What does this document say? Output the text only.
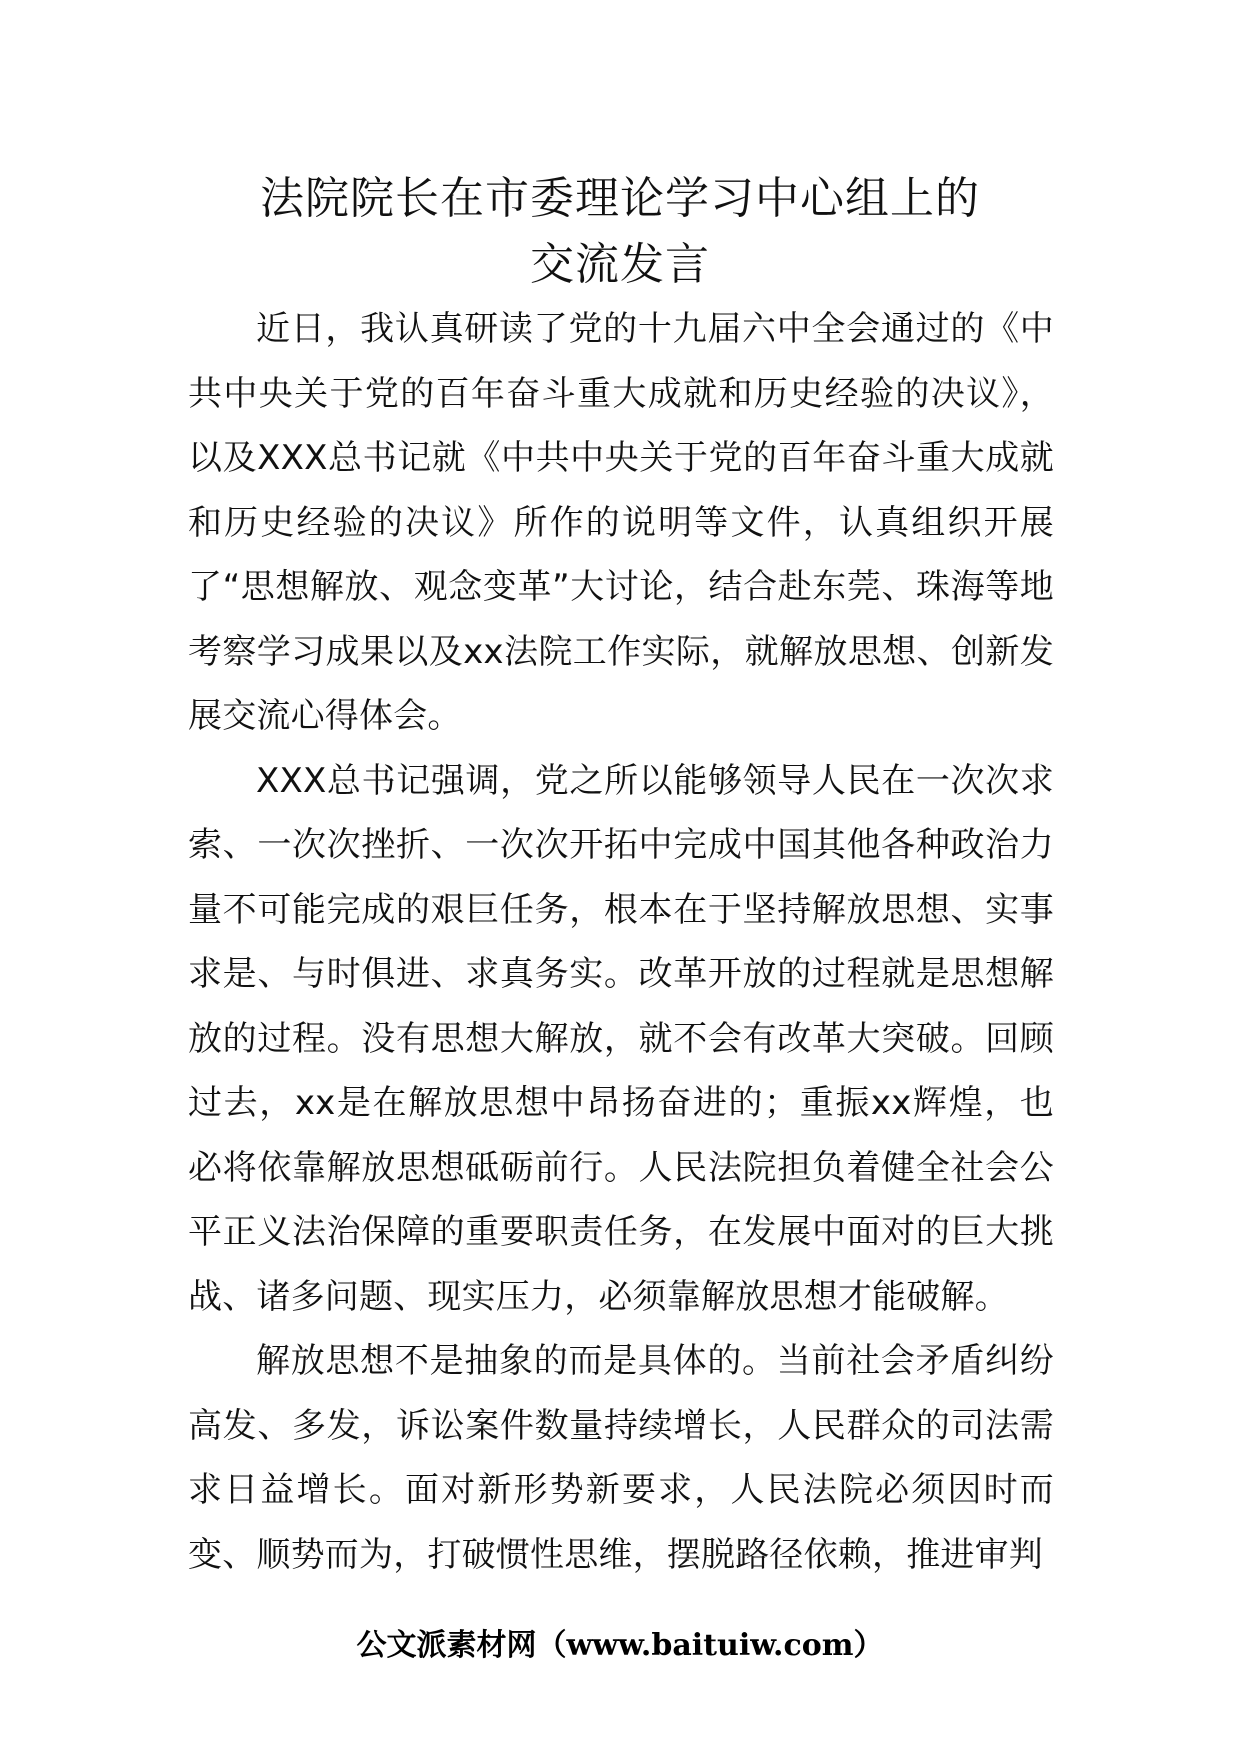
法院院长在市委理论学习中心组上的
交流发言

近日，我认真研读了党的十九届六中全会通过的《中共中央关于党的百年奋斗重大成就和历史经验的决议》，以及XXX总书记就《中共中央关于党的百年奋斗重大成就和历史经验的决议》所作的说明等文件，认真组织开展了“思想解放、观念变革”大讨论，结合赴东莞、珠海等地考察学习成果以及xx法院工作实际，就解放思想、创新发展交流心得体会。

XXX总书记强调，党之所以能够领导人民在一次次求索、一次次挫折、一次次开拓中完成中国其他各种政治力量不可能完成的艰巨任务，根本在于坚持解放思想、实事求是、与时俱进、求真务实。改革开放的过程就是思想解放的过程。没有思想大解放，就不会有改革大突破。回顾过去，xx是在解放思想中昂扬奋进的；重振xx辉煌，也必将依靠解放思想砥砺前行。人民法院担负着健全社会公平正义法治保障的重要职责任务，在发展中面对的巨大挑战、诸多问题、现实压力，必须靠解放思想才能破解。

解放思想不是抽象的而是具体的。当前社会矛盾纠纷高发、多发，诉讼案件数量持续增长，人民群众的司法需求日益增长。面对新形势新要求，人民法院必须因时而变、顺势而为，打破惯性思维，摆脱路径依赖，推进审判

公文派素材网（www.baituiw.com）
